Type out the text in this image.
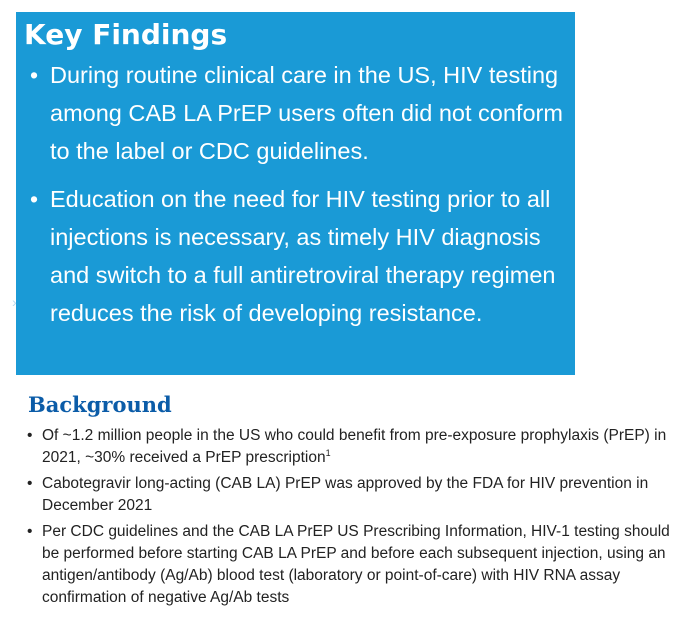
Key Findings
• During routine clinical care in the US, HIV testing among CAB LA PrEP users often did not conform to the label or CDC guidelines.
• Education on the need for HIV testing prior to all injections is necessary, as timely HIV diagnosis and switch to a full antiretroviral therapy regimen reduces the risk of developing resistance.
›
Background
• Of ~1.2 million people in the US who could benefit from pre-exposure prophylaxis (PrEP) in 2021, ~30% received a PrEP prescription$^1$
• Cabotegravir long-acting (CAB LA) PrEP was approved by the FDA for HIV prevention in December 2021
• Per CDC guidelines and the CAB LA PrEP US Prescribing Information, HIV-1 testing should be performed before starting CAB LA PrEP and before each subsequent injection, using an antigen/antibody (Ag/Ab) blood test (laboratory or point-of-care) with HIV RNA assay confirmation of negative Ag/Ab tests
